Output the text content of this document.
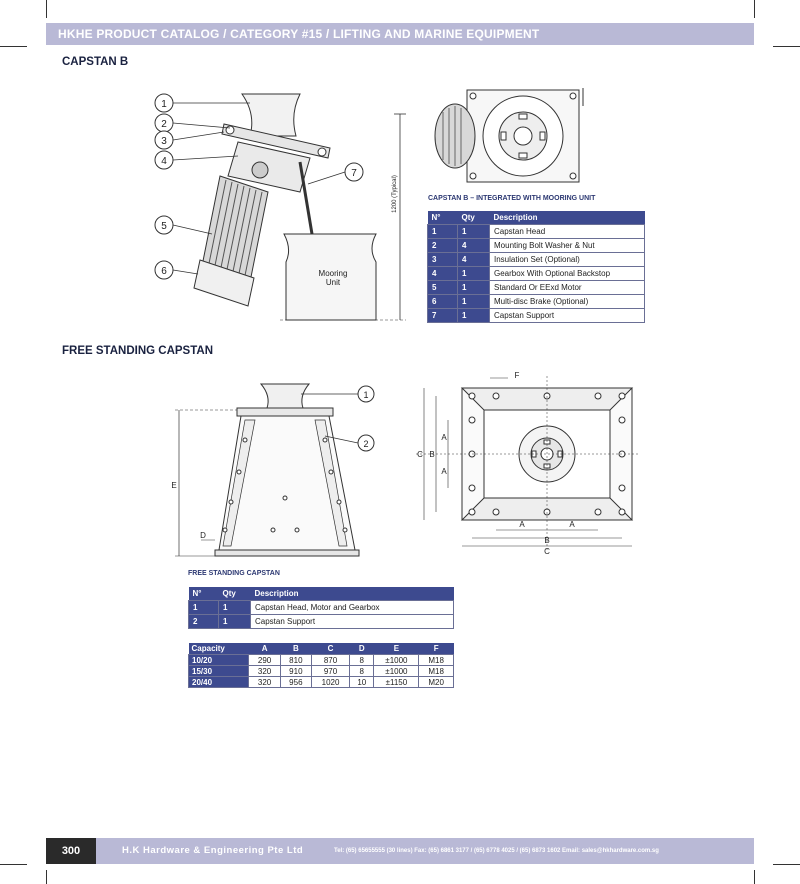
HKHE PRODUCT CATALOG / CATEGORY #15 / LIFTING AND MARINE EQUIPMENT
CAPSTAN B
1
2
3
4
5
6
7
Mooring
Unit
1200 (Typical)	CAPSTAN B – INTEGRATED WITH MOORING UNIT
N°	Qty	Description
1	1	Capstan Head
2	4	Mounting Bolt Washer & Nut
3	4	Insulation Set (Optional)
4	1	Gearbox With Optional Backstop
5	1	Standard Or EExd Motor
6	1	Multi-disc Brake (Optional)
7	1	Capstan Support
FREE STANDING CAPSTAN
1
2
E
D
F
A	A
B
C
C B
A
A
FREE STANDING CAPSTAN
N°	Qty	Description
1	1	Capstan Head, Motor and Gearbox
2	1	Capstan Support
Capacity	A	B	C	D	E	F
10/20	290	810	870	8	±1000	M18
15/30	320	910	970	8	±1000	M18
20/40	320	956	1020	10	±1150	M20
300	H.K Hardware & Engineering Pte Ltd	Tel: (65) 65655555 (30 lines) Fax: (65) 6861 3177 / (65) 6778 4025 / (65) 6873 1602 Email: sales@hkhardware.com.sg
